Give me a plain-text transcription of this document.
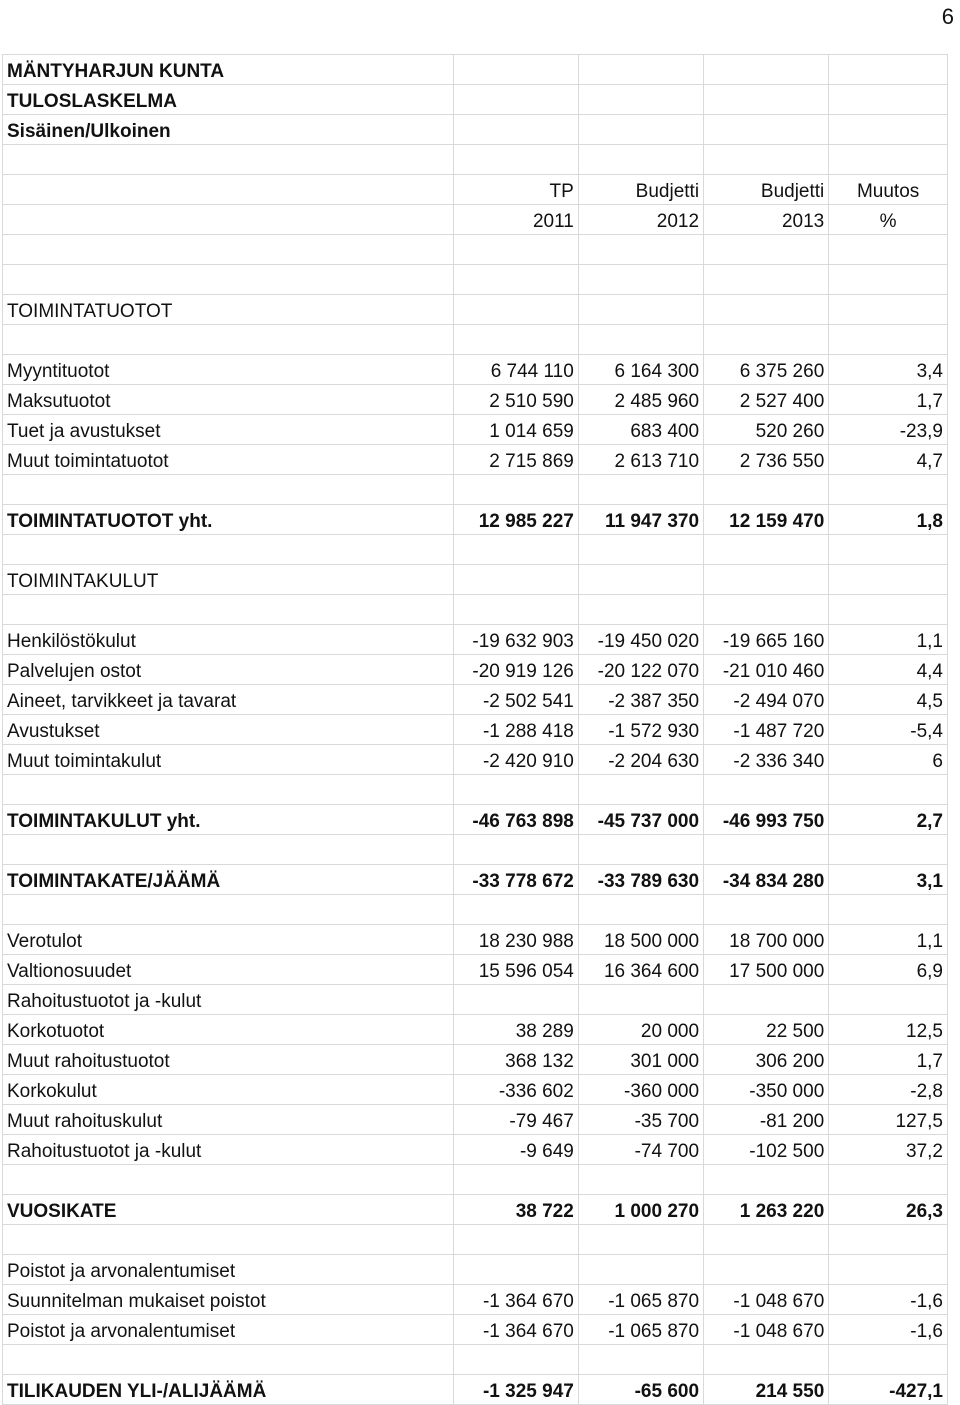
6
MÄNTYHARJUN KUNTA				
TULOSLASKELMA				
Sisäinen/Ulkoinen				

	TP	Budjetti	Budjetti	Muutos
	2011	2012	2013	%

TOIMINTATUOTOT				

Myyntituotot	6 744 110	6 164 300	6 375 260	3,4
Maksutuotot	2 510 590	2 485 960	2 527 400	1,7
Tuet ja avustukset	1 014 659	683 400	520 260	-23,9
Muut toimintatuotot	2 715 869	2 613 710	2 736 550	4,7

TOIMINTATUOTOT yht.	12 985 227	11 947 370	12 159 470	1,8

TOIMINTAKULUT				

Henkilöstökulut	-19 632 903	-19 450 020	-19 665 160	1,1
Palvelujen ostot	-20 919 126	-20 122 070	-21 010 460	4,4
Aineet, tarvikkeet ja tavarat	-2 502 541	-2 387 350	-2 494 070	4,5
Avustukset	-1 288 418	-1 572 930	-1 487 720	-5,4
Muut toimintakulut	-2 420 910	-2 204 630	-2 336 340	6

TOIMINTAKULUT yht.	-46 763 898	-45 737 000	-46 993 750	2,7

TOIMINTAKATE/JÄÄMÄ	-33 778 672	-33 789 630	-34 834 280	3,1

Verotulot	18 230 988	18 500 000	18 700 000	1,1
Valtionosuudet	15 596 054	16 364 600	17 500 000	6,9
Rahoitustuotot ja -kulut				
Korkotuotot	38 289	20 000	22 500	12,5
Muut rahoitustuotot	368 132	301 000	306 200	1,7
Korkokulut	-336 602	-360 000	-350 000	-2,8
Muut rahoituskulut	-79 467	-35 700	-81 200	127,5
Rahoitustuotot ja -kulut	-9 649	-74 700	-102 500	37,2

VUOSIKATE	38 722	1 000 270	1 263 220	26,3

Poistot ja arvonalentumiset				
Suunnitelman mukaiset poistot	-1 364 670	-1 065 870	-1 048 670	-1,6
Poistot ja arvonalentumiset	-1 364 670	-1 065 870	-1 048 670	-1,6

TILIKAUDEN YLI-/ALIJÄÄMÄ	-1 325 947	-65 600	214 550	-427,1
